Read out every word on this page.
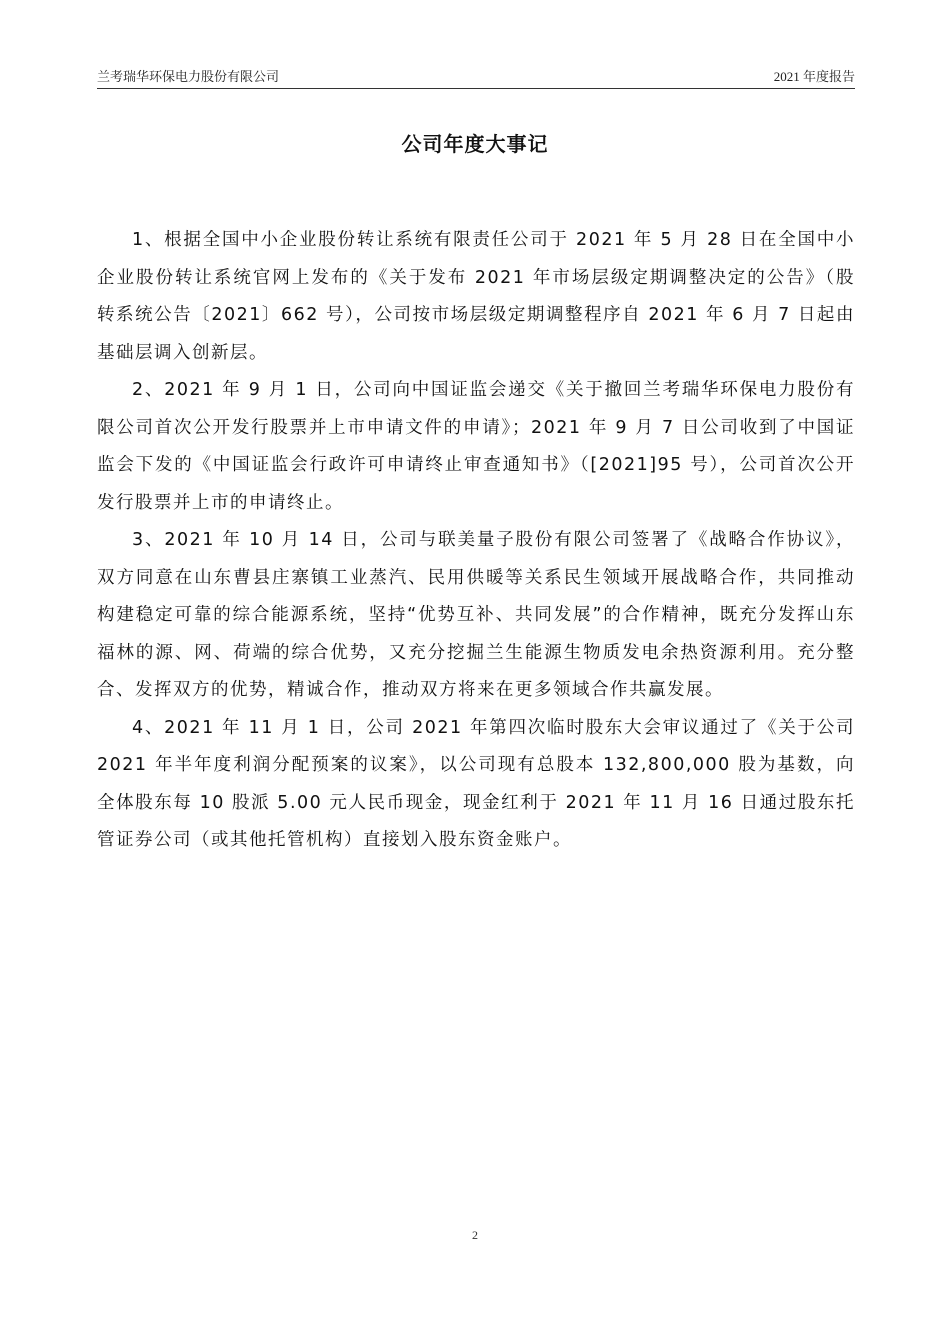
兰考瑞华环保电力股份有限公司	2021 年度报告
公司年度大事记

1、根据全国中小企业股份转让系统有限责任公司于 2021 年 5 月 28 日在全国中小企业股份转让系统官网上发布的《关于发布 2021 年市场层级定期调整决定的公告》（股转系统公告〔2021〕662 号），公司按市场层级定期调整程序自 2021 年 6 月 7 日起由基础层调入创新层。

2、2021 年 9 月 1 日，公司向中国证监会递交《关于撤回兰考瑞华环保电力股份有限公司首次公开发行股票并上市申请文件的申请》；2021 年 9 月 7 日公司收到了中国证监会下发的《中国证监会行政许可申请终止审查通知书》（[2021]95 号），公司首次公开发行股票并上市的申请终止。

3、2021 年 10 月 14 日，公司与联美量子股份有限公司签署了《战略合作协议》，双方同意在山东曹县庄寨镇工业蒸汽、民用供暖等关系民生领域开展战略合作，共同推动构建稳定可靠的综合能源系统，坚持“优势互补、共同发展”的合作精神，既充分发挥山东福林的源、网、荷端的综合优势，又充分挖掘兰生能源生物质发电余热资源利用。充分整合、发挥双方的优势，精诚合作，推动双方将来在更多领域合作共赢发展。

4、2021 年 11 月 1 日，公司 2021 年第四次临时股东大会审议通过了《关于公司 2021 年半年度利润分配预案的议案》，以公司现有总股本 132,800,000 股为基数，向全体股东每 10 股派 5.00 元人民币现金，现金红利于 2021 年 11 月 16 日通过股东托管证券公司（或其他托管机构）直接划入股东资金账户。

2
